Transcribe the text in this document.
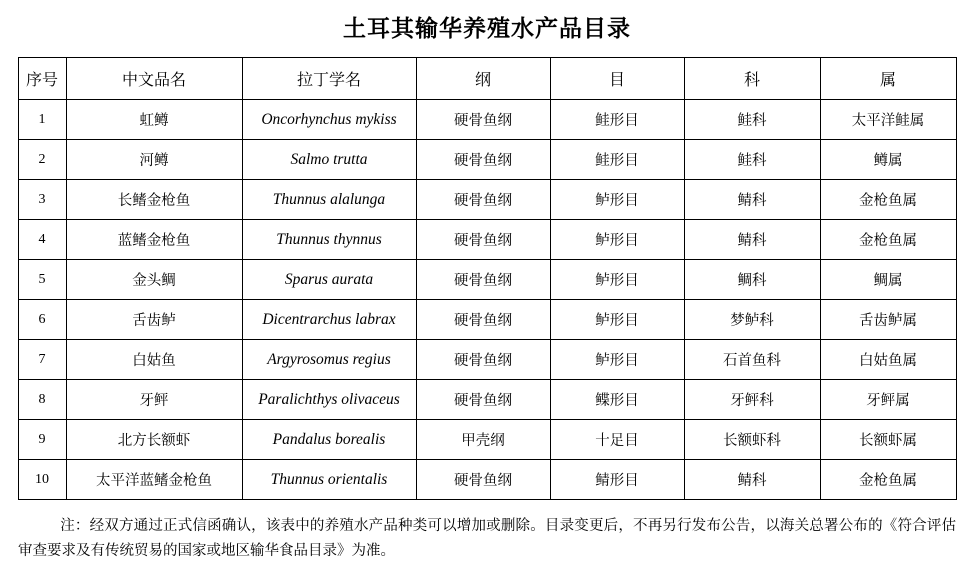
土耳其输华养殖水产品目录
序号	中文品名	拉丁学名	纲	目	科	属
1	虹鳟	Oncorhynchus mykiss	硬骨鱼纲	鲑形目	鲑科	太平洋鲑属
2	河鳟	Salmo trutta	硬骨鱼纲	鲑形目	鲑科	鳟属
3	长鳍金枪鱼	Thunnus alalunga	硬骨鱼纲	鲈形目	鲭科	金枪鱼属
4	蓝鳍金枪鱼	Thunnus thynnus	硬骨鱼纲	鲈形目	鲭科	金枪鱼属
5	金头鲷	Sparus aurata	硬骨鱼纲	鲈形目	鲷科	鲷属
6	舌齿鲈	Dicentrarchus labrax	硬骨鱼纲	鲈形目	梦鲈科	舌齿鲈属
7	白姑鱼	Argyrosomus regius	硬骨鱼纲	鲈形目	石首鱼科	白姑鱼属
8	牙鲆	Paralichthys olivaceus	硬骨鱼纲	鲽形目	牙鲆科	牙鲆属
9	北方长额虾	Pandalus borealis	甲壳纲	十足目	长额虾科	长额虾属
10	太平洋蓝鳍金枪鱼	Thunnus orientalis	硬骨鱼纲	鲭形目	鲭科	金枪鱼属
注：经双方通过正式信函确认，该表中的养殖水产品种类可以增加或删除。目录变更后，不再另行发布公告，以海关总署公布的《符合评估审查要求及有传统贸易的国家或地区输华食品目录》为准。
